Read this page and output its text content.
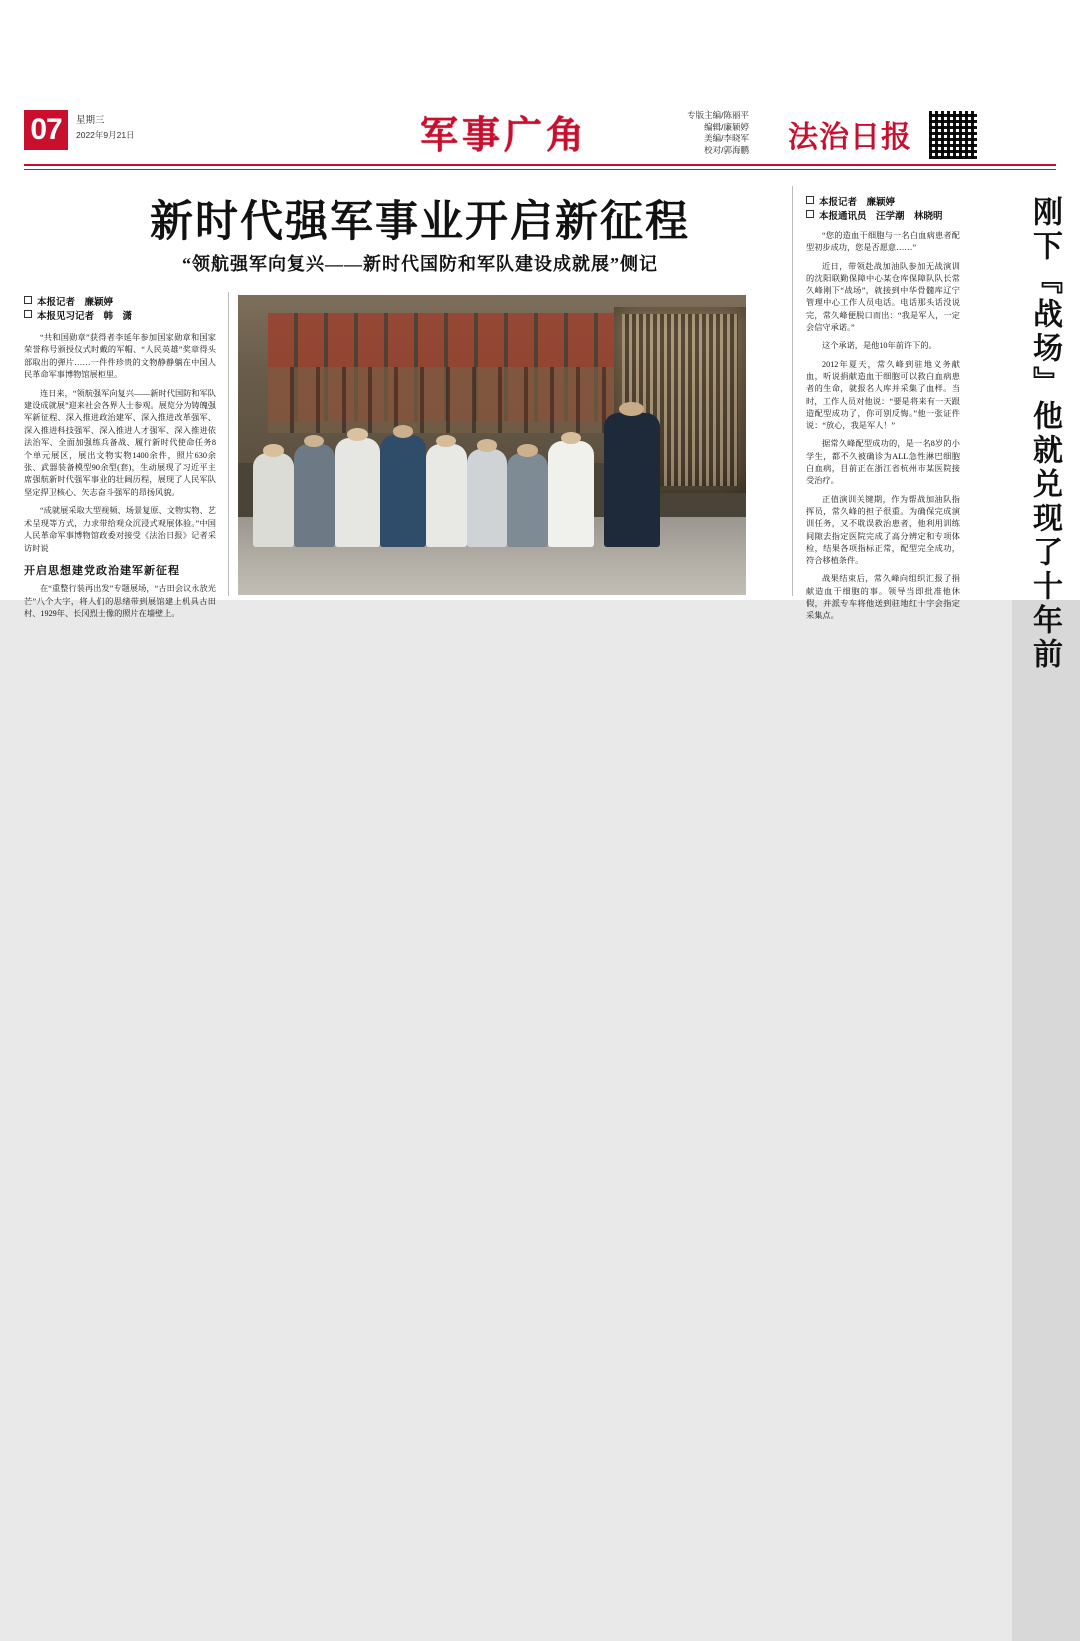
07	星期三
2022年9月21日	军事广角	专版主编/陈丽平
编辑/廉颖婷
美编/李晓军
校对/郭海鹏 法治日报
新时代强军事业开启新征程
“领航强军向复兴——新时代国防和军队建设成就展”侧记
本报记者　廉颖婷
本报见习记者　韩　潇

“共和国勋章”获得者李延年参加国家勋章和国家荣誉称号颁授仪式时戴的军帽、“人民英雄”奖章得头部取出的弹片……一件件珍贵的文物静静躺在中国人民革命军事博物馆展柜里。

连日来，“领航强军向复兴——新时代国防和军队建设成就展”迎来社会各界人士参观。展览分为铸魄强军新征程、深入推进政治建军、深入推进改革强军、深入推进科技强军、深入推进人才强军、深入推进依法治军、全面加强练兵备战、履行新时代使命任务8个单元展区，展出文物实物1400余件，照片630余张、武器装备模型90余型(套)，生动展现了习近平主席强航新时代强军事业的壮阔历程，展现了人民军队坚定捍卫核心、矢志奋斗强军的昂扬风貌。

“成就展采取大型视频、场景复原、文物实物、艺术呈现等方式，力求带给观众沉浸式观展体验。”中国人民革命军事博物馆政委对接受《法治日报》记者采访时说

开启思想建党政治建军新征程

在“重整行装再出发”专题展场，“古田会议永放光芒”八个大字，将人们的思绪带到展馆建上机具古田村、1929年、长冈烈士像的照片在墙壁上。

本报记者　廉颖婷
本报通讯员　汪学潮　林晓明

“您的造血干细胞与一名白血病患者配型初步成功，您是否愿意……”

近日，带领赴战加油队参加无战演训的沈阳联勤保障中心某仓库保障队队长常久峰刚下“战场”，就接到中华骨髓库辽宁管理中心工作人员电话。电话那头话没说完，常久峰便脱口而出：“我是军人，一定会信守承诺。”

这个承诺，是他10年前许下的。

2012年夏天，常久峰到驻地义务献血，听说捐献造血干细胞可以救白血病患者的生命，就报名人库并采集了血样。当时，工作人员对他说：“要是将来有一天跟造配型成功了，你可别反悔。”他一张证件说：“放心，我是军人！”

据常久峰配型成功的，是一名8岁的小学生，都不久被确诊为ALL急性淋巴细胞白血病，目前正在浙江省杭州市某医院接受治疗。

正值演训关键期，作为帮战加油队指挥员，常久峰的担子很重。为确保完成演训任务，又不耽误救治患者，他利用训练间隙去指定医院完成了高分辨定和专项体检，结果各项指标正常，配型完全成功，符合移植条件。

战果结束后，常久峰向组织汇报了捐献造血干细胞的事。领导当即批准他休假，并派专车将他送到驻地红十字会指定采集点。	刚下『战场』他就兑现了十年前
